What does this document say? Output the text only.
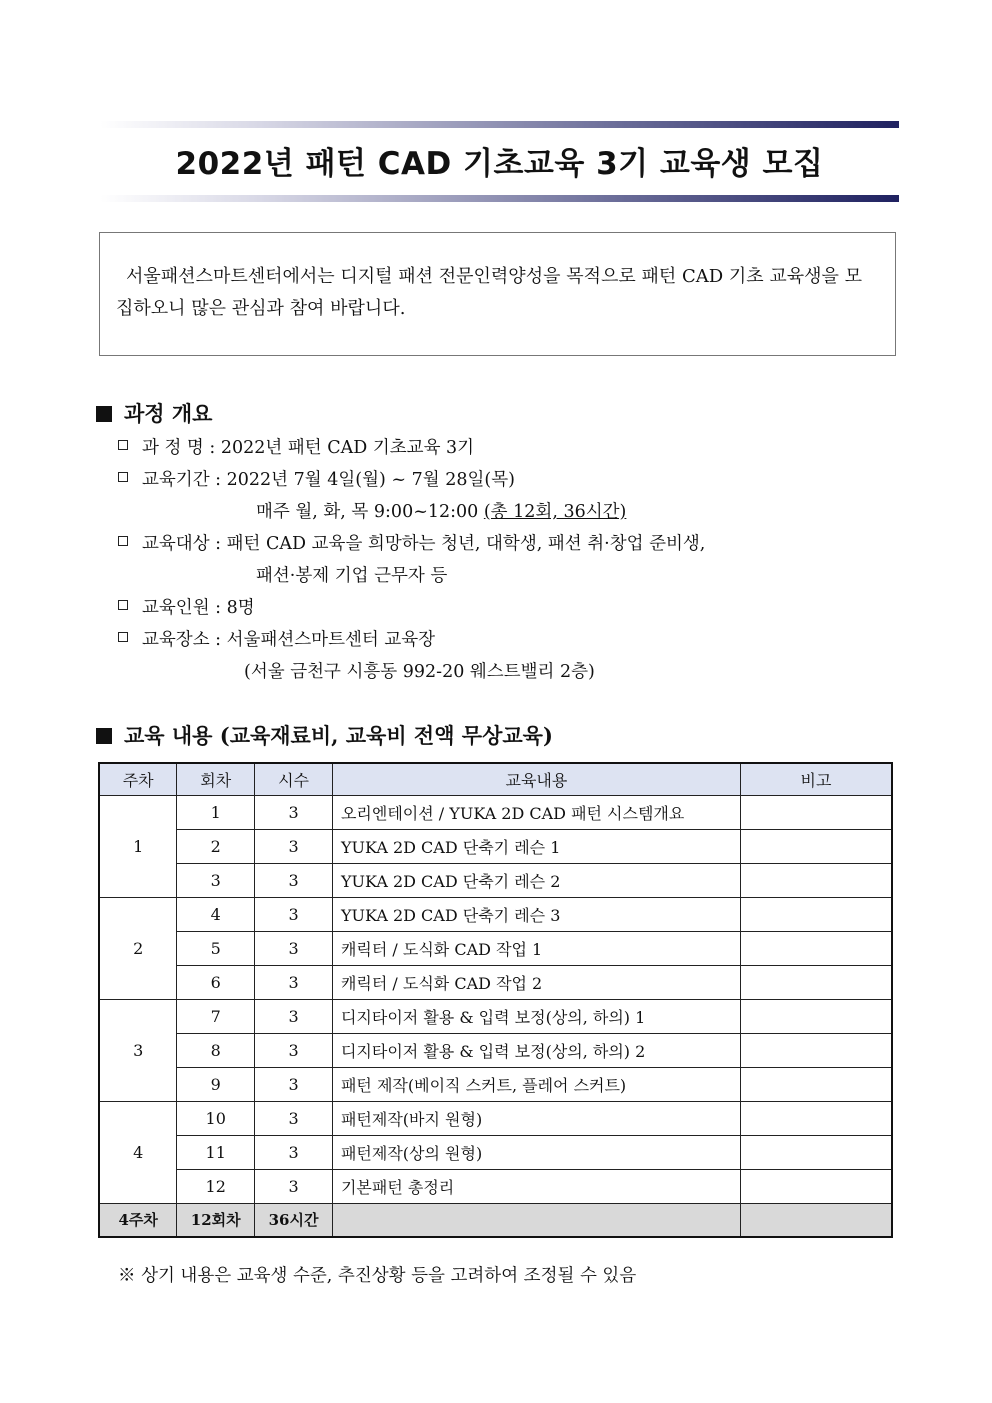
2022년 패턴 CAD 기초교육 3기 교육생 모집
서울패션스마트센터에서는 디지털 패션 전문인력양성을 목적으로 패턴 CAD 기초 교육생을 모집하오니 많은 관심과 참여 바랍니다.
과정 개요
과 정 명 : 2022년 패턴 CAD 기초교육 3기
교육기간 : 2022년 7월 4일(월) ~ 7월 28일(목)
매주 월, 화, 목 9:00~12:00 (총 12회, 36시간)
교육대상 : 패턴 CAD 교육을 희망하는 청년, 대학생, 패션 취·창업 준비생,
패션·봉제 기업 근무자 등
교육인원 : 8명
교육장소 : 서울패션스마트센터 교육장
(서울 금천구 시흥동 992-20 웨스트밸리 2층)
교육 내용 (교육재료비, 교육비 전액 무상교육)
주차	회차	시수	교육내용	비고
1	1	3	오리엔테이션 / YUKA 2D CAD 패턴 시스템개요	
	2	3	YUKA 2D CAD 단축기 레슨 1	
	3	3	YUKA 2D CAD 단축기 레슨 2	
2	4	3	YUKA 2D CAD 단축기 레슨 3	
	5	3	캐릭터 / 도식화 CAD 작업 1	
	6	3	캐릭터 / 도식화 CAD 작업 2	
3	7	3	디지타이저 활용 & 입력 보정(상의, 하의) 1	
	8	3	디지타이저 활용 & 입력 보정(상의, 하의) 2	
	9	3	패턴 제작(베이직 스커트, 플레어 스커트)	
4	10	3	패턴제작(바지 원형)	
	11	3	패턴제작(상의 원형)	
	12	3	기본패턴 총정리	
4주차	12회차	36시간		
※ 상기 내용은 교육생 수준, 추진상황 등을 고려하여 조정될 수 있음
